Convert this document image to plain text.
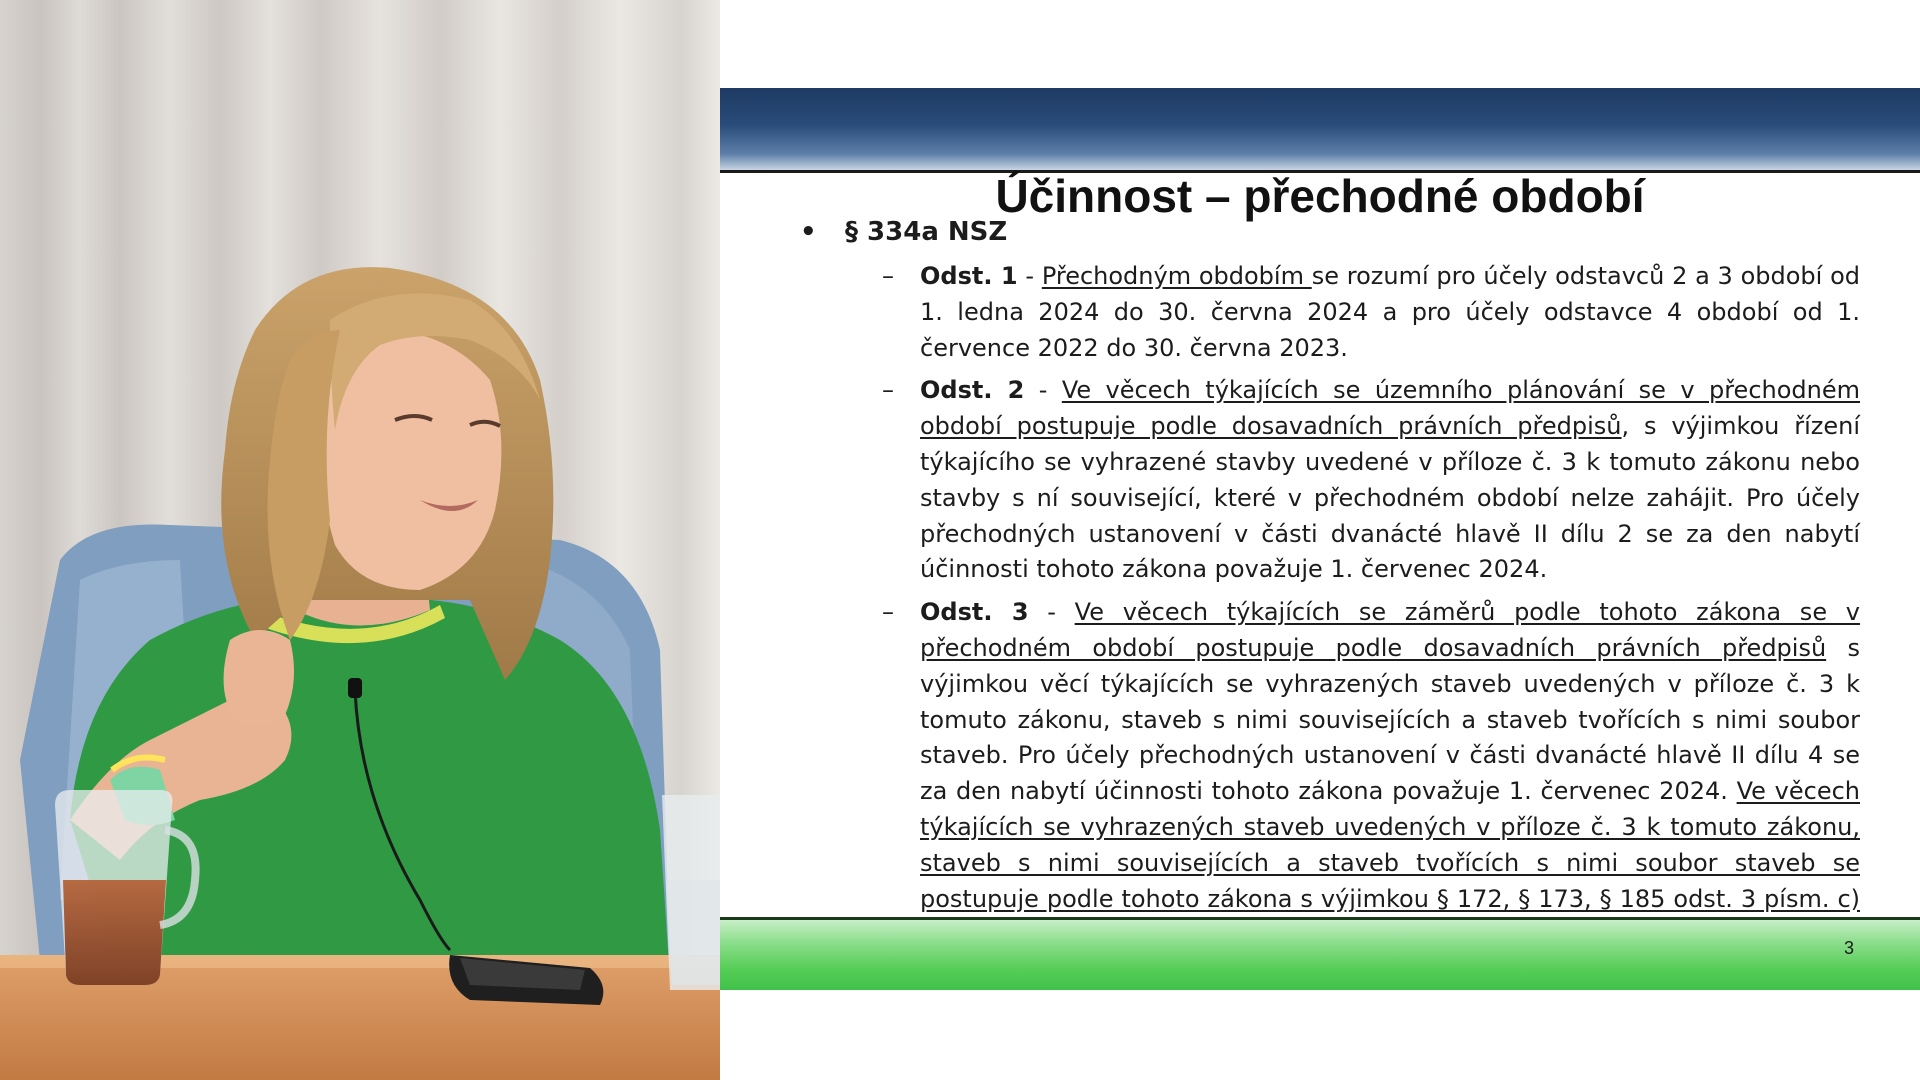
Účinnost – přechodné období
• § 334a NSZ
– Odst. 1 - Přechodným obdobím se rozumí pro účely odstavců 2 a 3 období od 1. ledna 2024 do 30. června 2024 a pro účely odstavce 4 období od 1. července 2022 do 30. června 2023.
– Odst. 2 - Ve věcech týkajících se územního plánování se v přechodném období postupuje podle dosavadních právních předpisů, s výjimkou řízení týkajícího se vyhrazené stavby uvedené v příloze č. 3 k tomuto zákonu nebo stavby s ní související, které v přechodném období nelze zahájit. Pro účely přechodných ustanovení v části dvanácté hlavě II dílu 2 se za den nabytí účinnosti tohoto zákona považuje 1. červenec 2024.
– Odst. 3 - Ve věcech týkajících se záměrů podle tohoto zákona se v přechodném období postupuje podle dosavadních právních předpisů s výjimkou věcí týkajících se vyhrazených staveb uvedených v příloze č. 3 k tomuto zákonu, staveb s nimi souvisejících a staveb tvořících s nimi soubor staveb. Pro účely přechodných ustanovení v části dvanácté hlavě II dílu 4 se za den nabytí účinnosti tohoto zákona považuje 1. červenec 2024. Ve věcech týkajících se vyhrazených staveb uvedených v příloze č. 3 k tomuto zákonu, staveb s nimi souvisejících a staveb tvořících s nimi soubor staveb se postupuje podle tohoto zákona s výjimkou § 172, § 173, § 185 odst. 3 písm. c)
3
